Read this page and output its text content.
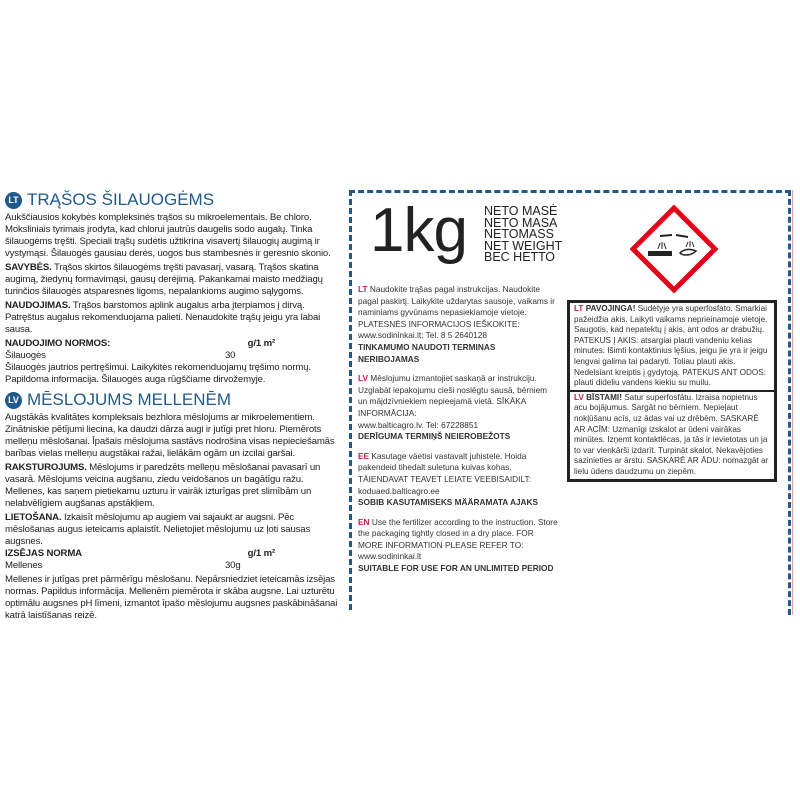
LT TRĄŠOS ŠILAUOGĖMS
Aukščiausios kokybės kompleksinės trąšos su mikroelementais. Be chloro. Moksliniais tyrimais įrodyta, kad chlorui jautrūs daugelis sodo augalų. Tinka šilauogėms tręšti. Speciali trąšų sudėtis užtikrina visavertį šilauogių augimą ir vystymąsi. Šilauogės gausiau derės, uogos bus stambesnės ir geresnio skonio.
SAVYBĖS. Trąšos skirtos šilauogėms tręšti pavasarį, vasarą. Trąšos skatina augimą, žiedynų formavimąsi, gausų derėjimą. Pakankamai maisto medžiagų turinčios šilauogės atsparesnės ligoms, nepalankioms augimo sąlygoms.
NAUDOJIMAS. Trąšos barstomos aplink augalus arba įterpiamos į dirvą. Patręštus augalus rekomenduojama palieti. Nenaudokite trąšų jeigu yra labai sausa.
NAUDOJIMO NORMOS:	g/1 m²
Šilauogės	30
Šilauogės jautrios pertręšimui. Laikykitės rekomenduojamų tręšimo normų. Papildoma informacija. Šilauogės auga rūgščiame dirvožemyje.
LV MĒSLOJUMS MELLENĒM
Augstākās kvalitātes kompleksais bezhlora mēslojums ar mikroelementiem. Zinātniskie pētījumi liecina, ka daudzi dārza augi ir jutīgi pret hloru. Piemērots melleņu mēslošanai. Īpašais mēslojuma sastāvs nodrošina visas nepieciešamās barības vielas melleņu augstākai ražai, lielākām ogām un izcilai garšai.
RAKSTUROJUMS. Mēslojums ir paredzēts melleņu mēslošanai pavasarī un vasarā. Mēslojums veicina augšanu, ziedu veidošanos un bagātīgu ražu. Mellenes, kas saņem pietiekamu uzturu ir vairāk izturīgas pret slimībām un nelabvēlīgiem augšanas apstākļiem.
LIETOŠANA. Izkaisīt mēslojumu ap augiem vai sajaukt ar augsni. Pēc mēslošanas augus ieteicams aplaistīt. Nelietojiet mēslojumu uz ļoti sausas augsnes.
IZSĒJAS NORMA	g/1 m²
Mellenes	30g
Mellenes ir jutīgas pret pārmērīgu mēslošanu. Nepārsniedziet ieteicamās izsējas normas. Papildus informācija. Mellenēm piemērota ir skāba augsne. Lai uzturētu optimālu augsnes pH līmeni, izmantot īpašo mēslojumu augsnes paskābināšanai katrā laistīšanas reizē.
1kg NETO MASĖ
NETO MASA
NETOMASS
NET WEIGHT
ВЕС НЕТТО
LT Naudokite trąšas pagal instrukcijas. Naudokite pagal paskirtį. Laikykite uždarytas sausoje, vaikams ir naminiams gyvūnams nepasiekiamoje vietoje.
PLATESNĖS INFORMACIJOS IEŠKOKITE:
www.sodininkai.lt; Tel. 8 5 2640128
TINKAMUMO NAUDOTI TERMINAS NERIBOJAMAS
LV Mēslojumu izmantojiet saskaņā ar instrukciju. Uzglabāt iepakojumu cieši noslēgtu sausā, bērniem un mājdzīvniekiem nepieejamā vietā. SĪKĀKA INFORMĀCIJA:
www.balticagro.lv. Tel: 67228851
DERĪGUMA TERMIŅŠ NEIEROBEŽOTS
EE Kasutage väetisi vastavalt juhistele. Hoida pakendeid tihedalt suletuna kuivas kohas.
TÄIENDAVAT TEAVET LEIATE VEEBISAIDILT:
koduaed.balticagro.ee
SOBIB KASUTAMISEKS MÄÄRAMATA AJAKS
EN Use the fertilizer according to the instruction. Store the packaging tightly closed in a dry place. FOR MORE INFORMATION PLEASE REFER TO:
www.sodininkai.lt
SUITABLE FOR USE FOR AN UNLIMITED PERIOD
LT PAVOJINGA! Sudėtyje yra superfosfato. Smarkiai pažeidžia akis. Laikyti vaikams neprieinamoje vietoje. Saugotis, kad nepatektų į akis, ant odos ar drabužių. PATEKUS Į AKIS: atsargiai plauti vandeniu kelias minutes. Išimti kontaktinius lęšius, jeigu jie yra ir jeigu lengvai galima tai padaryti. Toliau plauti akis. Nedelsiant kreiptis į gydytoją. PATEKUS ANT ODOS: plauti dideliu vandens kiekiu su muilu.
LV BĪSTAMI! Satur superfosfātu. Izraisa nopietnus acu bojājumus. Sargāt no bērniem. Nepieļaut nokļūšanu acīs, uz ādas vai uz drēbēm. SASKARĒ AR ACĪM: Uzmanīgi izskalot ar ūdeni vairākas minūtes. Izņemt kontaktlēcas, ja tās ir ievietotas un ja to var vienkārši izdarīt. Turpināt skalot. Nekavējoties sazinieties ar ārstu. SASKARĒ AR ĀDU: nomazgāt ar lielu ūdens daudzumu un ziepēm.
